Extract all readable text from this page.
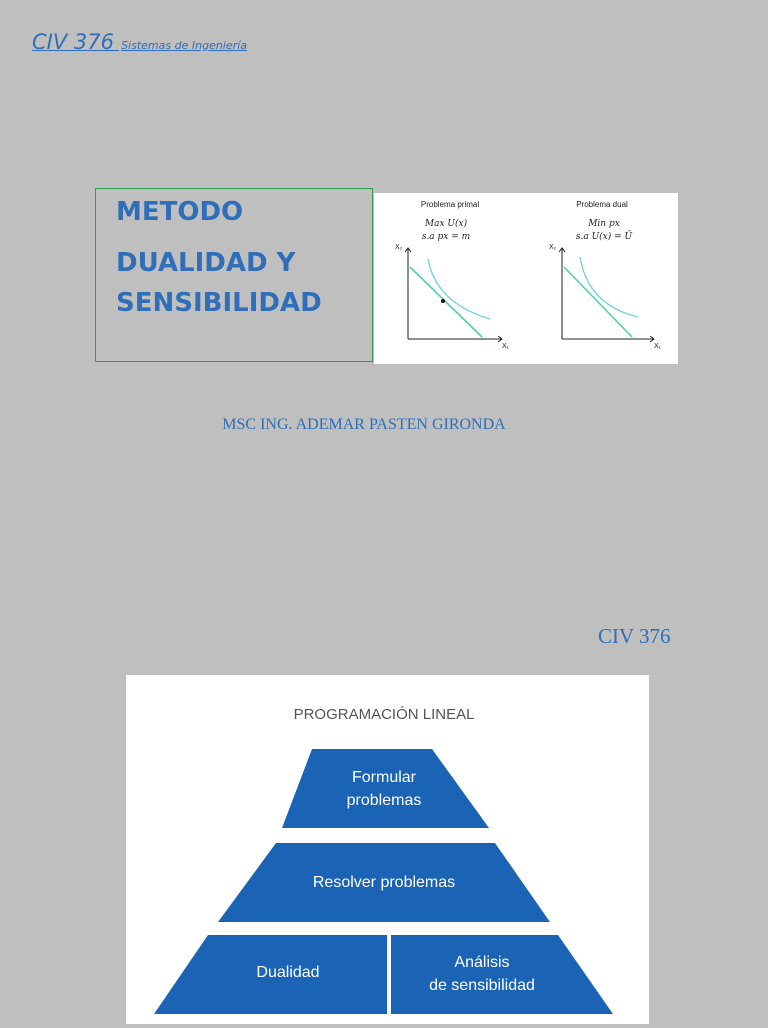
CIV 376 Sistemas de Ingeniería
METODO
DUALIDAD Y
SENSIBILIDAD
Problema primal
Max U(x)
s.a px = m
X₂
X₁
Problema dual
Min px
s.a U(x) = Ū
X₂
X₁
MSC ING. ADEMAR PASTEN GIRONDA
CIV 376
PROGRAMACIÓN LINEAL
Formular
problemas
Resolver problemas
Dualidad
Análisis
de sensibilidad
